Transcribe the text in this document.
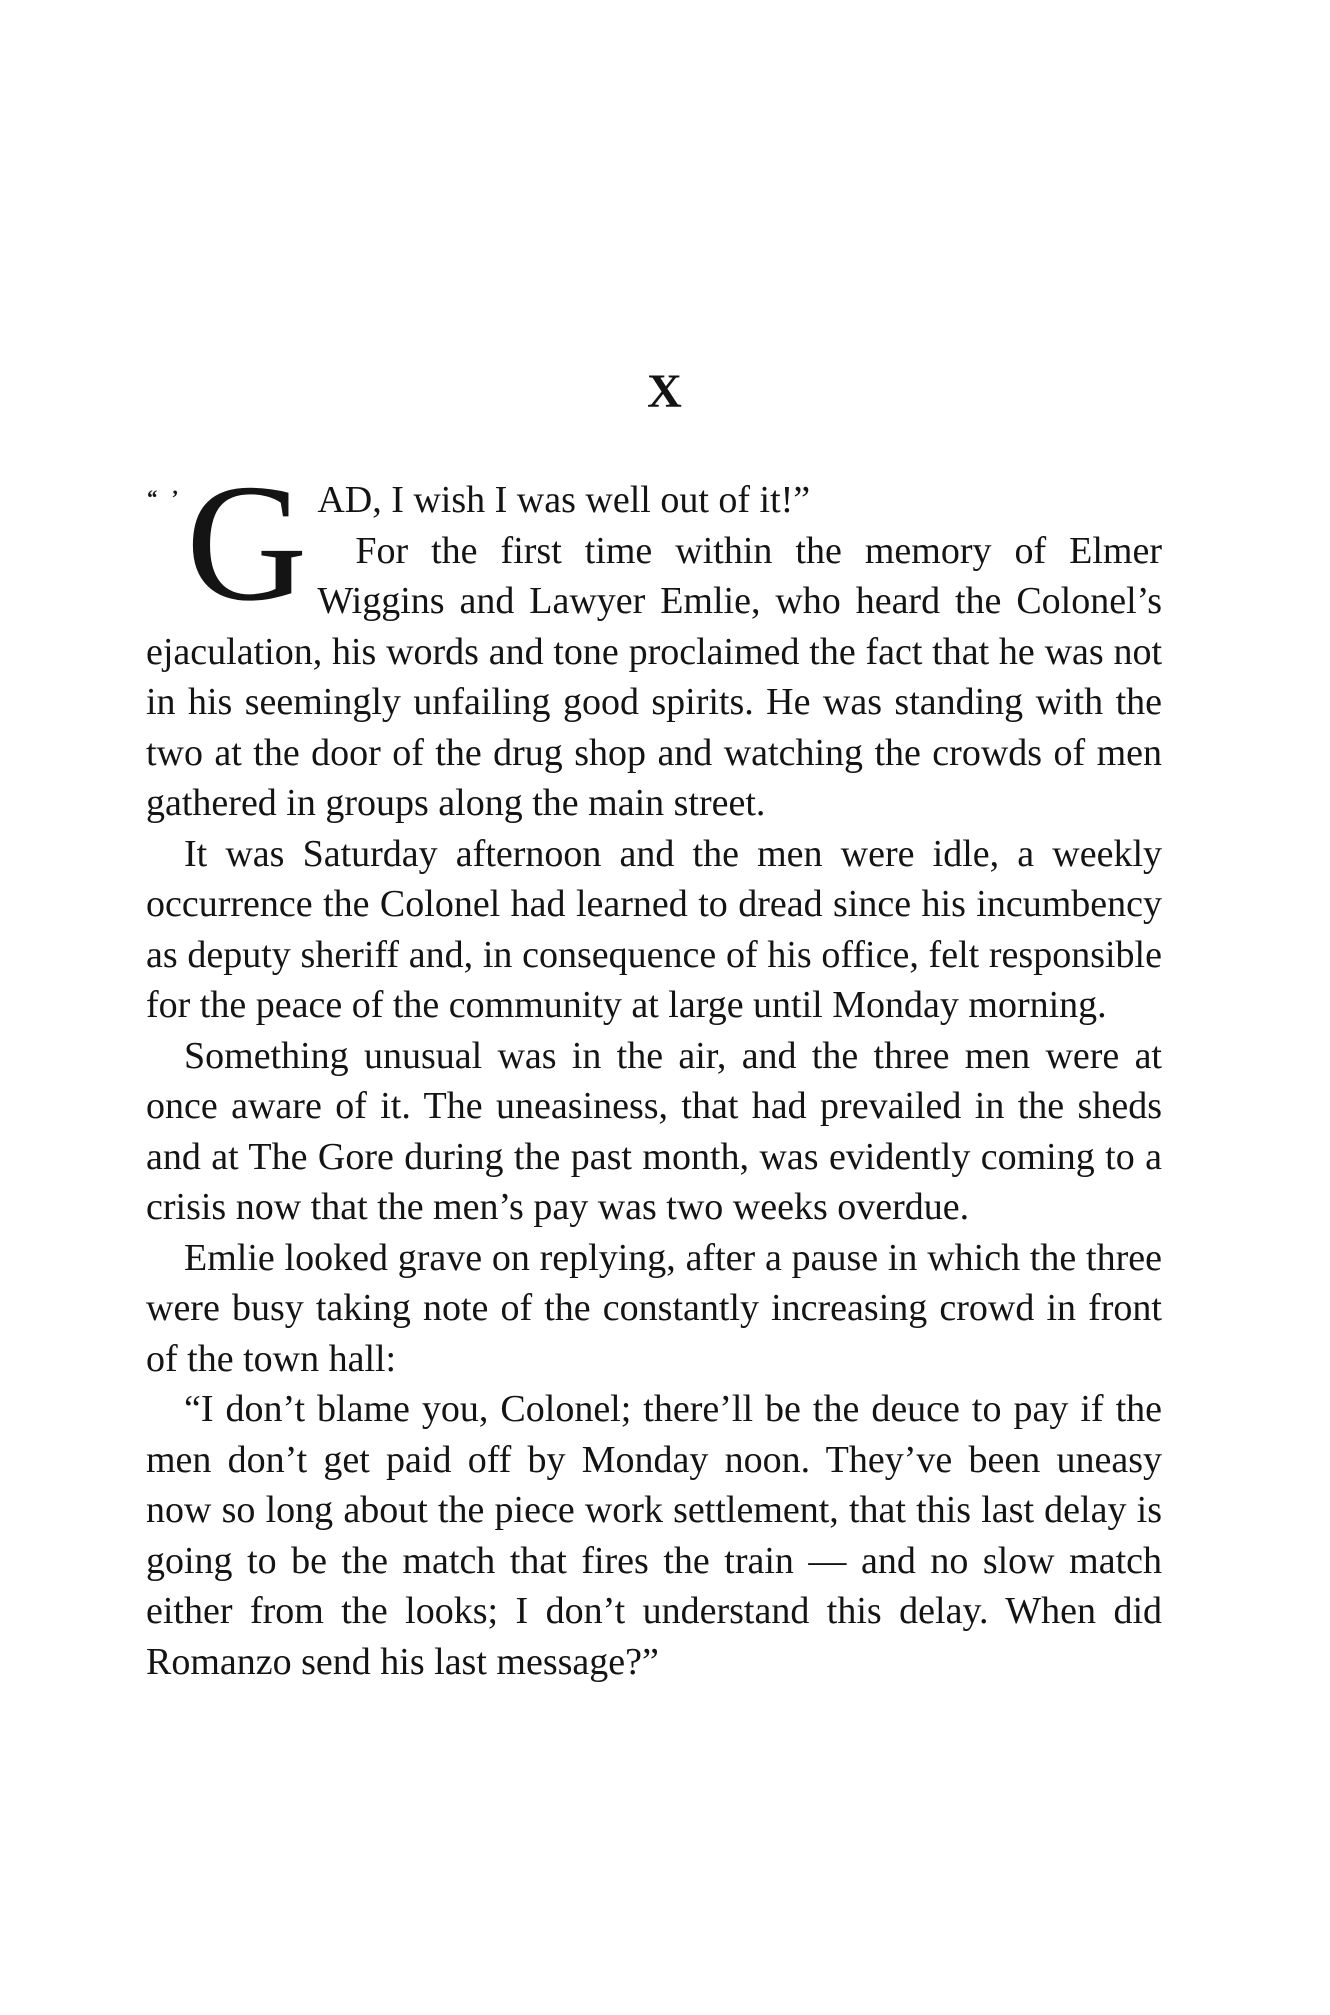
X
“ ’ G AD, I wish I was well out of it!”

For the first time within the memory of Elmer Wiggins and Lawyer Emlie, who heard the Colonel’s ejaculation, his words and tone proclaimed the fact that he was not in his seemingly unfailing good spirits. He was standing with the two at the door of the drug shop and watching the crowds of men gathered in groups along the main street.

It was Saturday afternoon and the men were idle, a weekly occurrence the Colonel had learned to dread since his incumbency as deputy sheriff and, in consequence of his office, felt responsible for the peace of the community at large until Monday morning.

Something unusual was in the air, and the three men were at once aware of it. The uneasiness, that had prevailed in the sheds and at The Gore during the past month, was evidently coming to a crisis now that the men’s pay was two weeks overdue.

Emlie looked grave on replying, after a pause in which the three were busy taking note of the constantly increasing crowd in front of the town hall:

“I don’t blame you, Colonel; there’ll be the deuce to pay if the men don’t get paid off by Monday noon. They’ve been uneasy now so long about the piece work settlement, that this last delay is going to be the match that fires the train — and no slow match either from the looks; I don’t understand this delay. When did Romanzo send his last message?”
